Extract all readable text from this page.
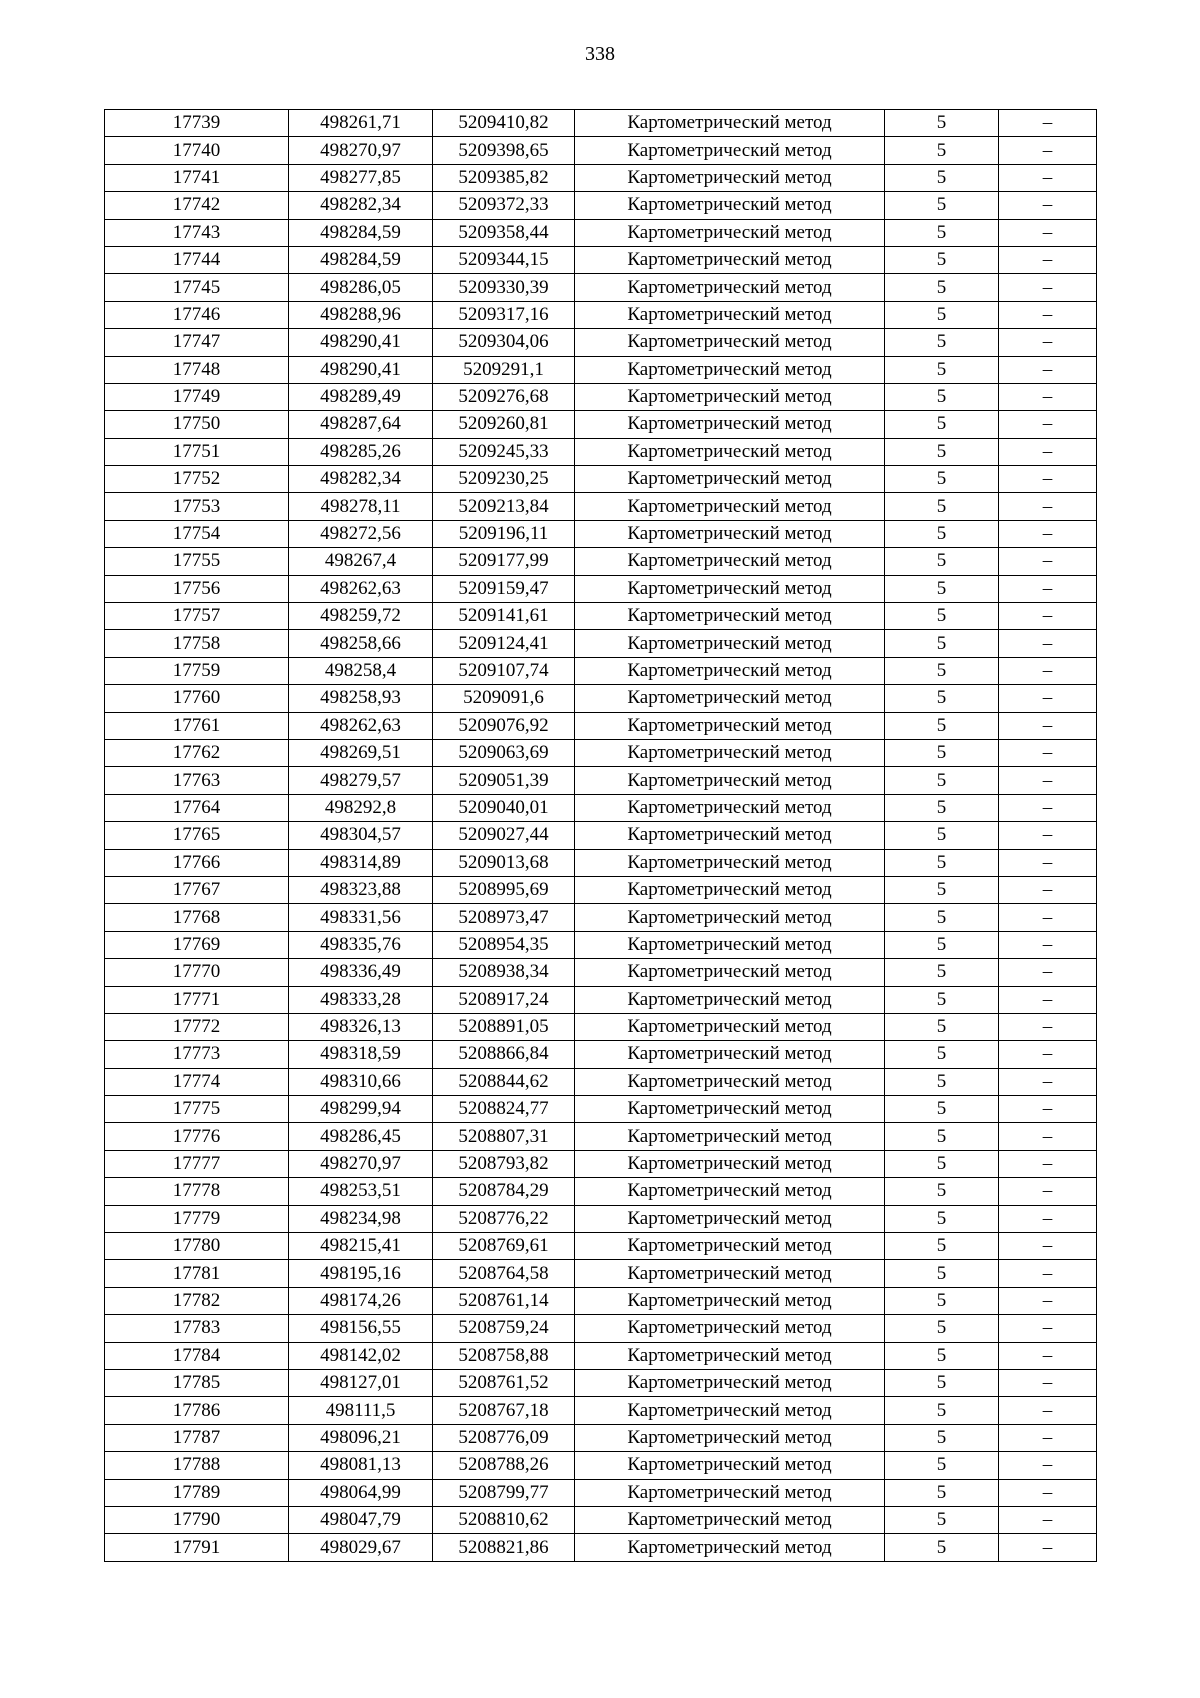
338
17739	498261,71	5209410,82	Картометрический метод	5	–
17740	498270,97	5209398,65	Картометрический метод	5	–
17741	498277,85	5209385,82	Картометрический метод	5	–
17742	498282,34	5209372,33	Картометрический метод	5	–
17743	498284,59	5209358,44	Картометрический метод	5	–
17744	498284,59	5209344,15	Картометрический метод	5	–
17745	498286,05	5209330,39	Картометрический метод	5	–
17746	498288,96	5209317,16	Картометрический метод	5	–
17747	498290,41	5209304,06	Картометрический метод	5	–
17748	498290,41	5209291,1	Картометрический метод	5	–
17749	498289,49	5209276,68	Картометрический метод	5	–
17750	498287,64	5209260,81	Картометрический метод	5	–
17751	498285,26	5209245,33	Картометрический метод	5	–
17752	498282,34	5209230,25	Картометрический метод	5	–
17753	498278,11	5209213,84	Картометрический метод	5	–
17754	498272,56	5209196,11	Картометрический метод	5	–
17755	498267,4	5209177,99	Картометрический метод	5	–
17756	498262,63	5209159,47	Картометрический метод	5	–
17757	498259,72	5209141,61	Картометрический метод	5	–
17758	498258,66	5209124,41	Картометрический метод	5	–
17759	498258,4	5209107,74	Картометрический метод	5	–
17760	498258,93	5209091,6	Картометрический метод	5	–
17761	498262,63	5209076,92	Картометрический метод	5	–
17762	498269,51	5209063,69	Картометрический метод	5	–
17763	498279,57	5209051,39	Картометрический метод	5	–
17764	498292,8	5209040,01	Картометрический метод	5	–
17765	498304,57	5209027,44	Картометрический метод	5	–
17766	498314,89	5209013,68	Картометрический метод	5	–
17767	498323,88	5208995,69	Картометрический метод	5	–
17768	498331,56	5208973,47	Картометрический метод	5	–
17769	498335,76	5208954,35	Картометрический метод	5	–
17770	498336,49	5208938,34	Картометрический метод	5	–
17771	498333,28	5208917,24	Картометрический метод	5	–
17772	498326,13	5208891,05	Картометрический метод	5	–
17773	498318,59	5208866,84	Картометрический метод	5	–
17774	498310,66	5208844,62	Картометрический метод	5	–
17775	498299,94	5208824,77	Картометрический метод	5	–
17776	498286,45	5208807,31	Картометрический метод	5	–
17777	498270,97	5208793,82	Картометрический метод	5	–
17778	498253,51	5208784,29	Картометрический метод	5	–
17779	498234,98	5208776,22	Картометрический метод	5	–
17780	498215,41	5208769,61	Картометрический метод	5	–
17781	498195,16	5208764,58	Картометрический метод	5	–
17782	498174,26	5208761,14	Картометрический метод	5	–
17783	498156,55	5208759,24	Картометрический метод	5	–
17784	498142,02	5208758,88	Картометрический метод	5	–
17785	498127,01	5208761,52	Картометрический метод	5	–
17786	498111,5	5208767,18	Картометрический метод	5	–
17787	498096,21	5208776,09	Картометрический метод	5	–
17788	498081,13	5208788,26	Картометрический метод	5	–
17789	498064,99	5208799,77	Картометрический метод	5	–
17790	498047,79	5208810,62	Картометрический метод	5	–
17791	498029,67	5208821,86	Картометрический метод	5	–
